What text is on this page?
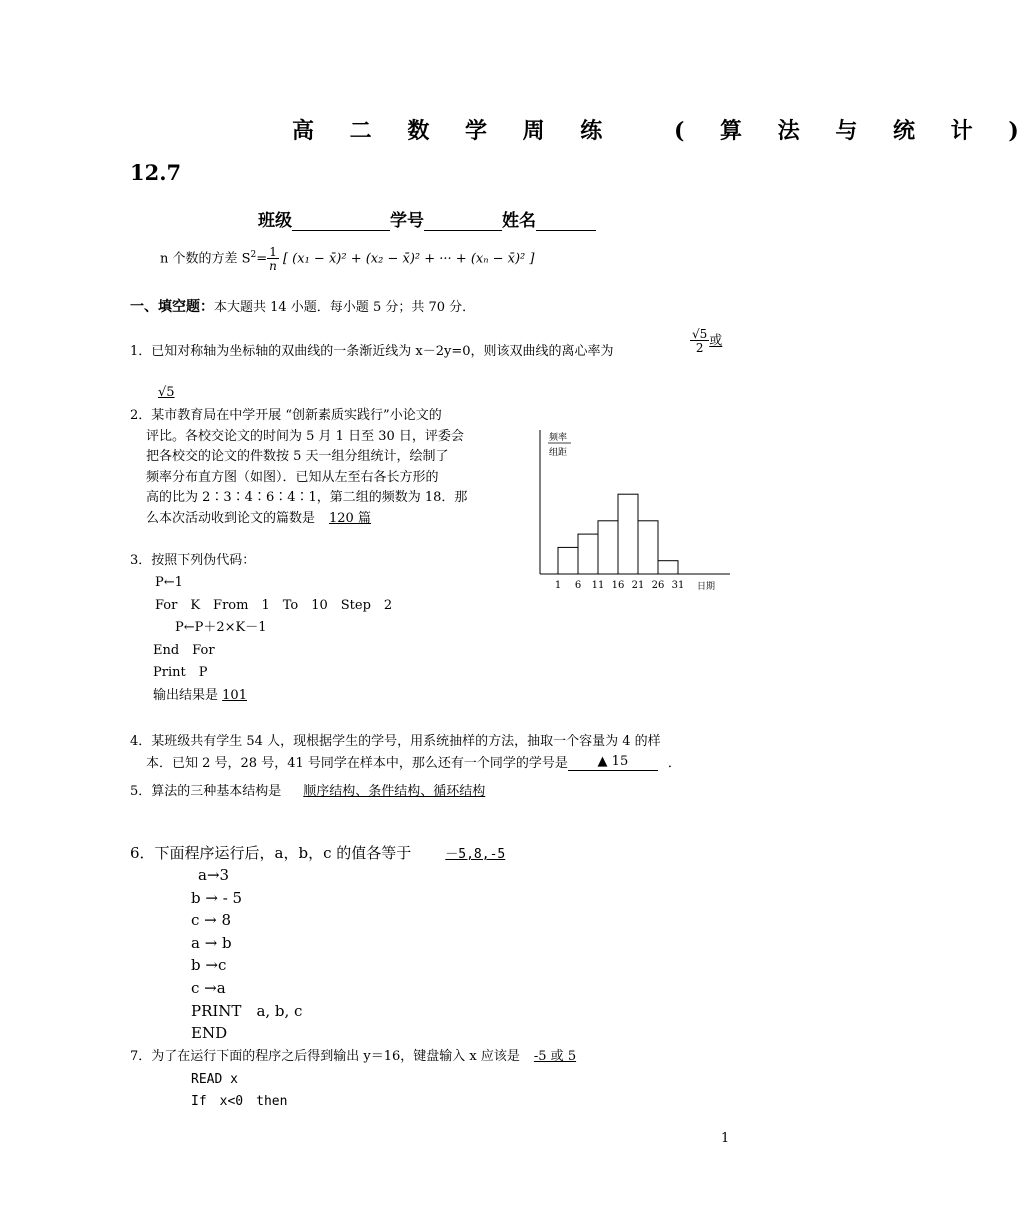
高 二 数 学 周 练　 ( 算 法 与 统 计 )
12.7
班级	学号	姓名
n 个数的方差 $S^2= \frac{1}{n}$ [ (x₁ − x̄)² + (x₂ − x̄)² + ··· + (xₙ − x̄)² ]
一、填空题：本大题共 14 小题．每小题 5 分；共 70 分．
1．已知对称轴为坐标轴的双曲线的一条渐近线为 x－2y=0，则该双曲线的离心率为	$\frac{√5}{2}$ 或
√5
2．某市教育局在中学开展 “创新素质实践行”小论文的
评比。各校交论文的时间为 5 月 1 日至 30 日，评委会
把各校交的论文的件数按 5 天一组分组统计，绘制了
频率分布直方图（如图）．已知从左至右各长方形的
高的比为 2∶3∶4∶6∶4∶1，第二组的频数为 18．那
么本次活动收到论文的篇数是 120 篇
频率
组距
日期
1 6 11 16 21 26 31
3．按照下列伪代码：
P←1
For　K　From　1　To　10　Step　2
P←P＋2×K－1
End　For
Print　P
输出结果是 101
4．某班级共有学生 54 人，现根据学生的学号，用系统抽样的方法，抽取一个容量为 4 的样
本．已知 2 号，28 号，41 号同学在样本中，那么还有一个同学的学号是 ▲ 15	．
5．算法的三种基本结构是 顺序结构、条件结构、循环结构
6．下面程序运行后，a，b，c 的值各等于	－5,8,-5
a→3
b → - 5
c → 8
a → b
b →c
c →a
PRINT　a, b, c
END
7．为了在运行下面的程序之后得到输出 y＝16，键盘输入 x 应该是 -5 或 5
READ x
If　x<0　then
1
